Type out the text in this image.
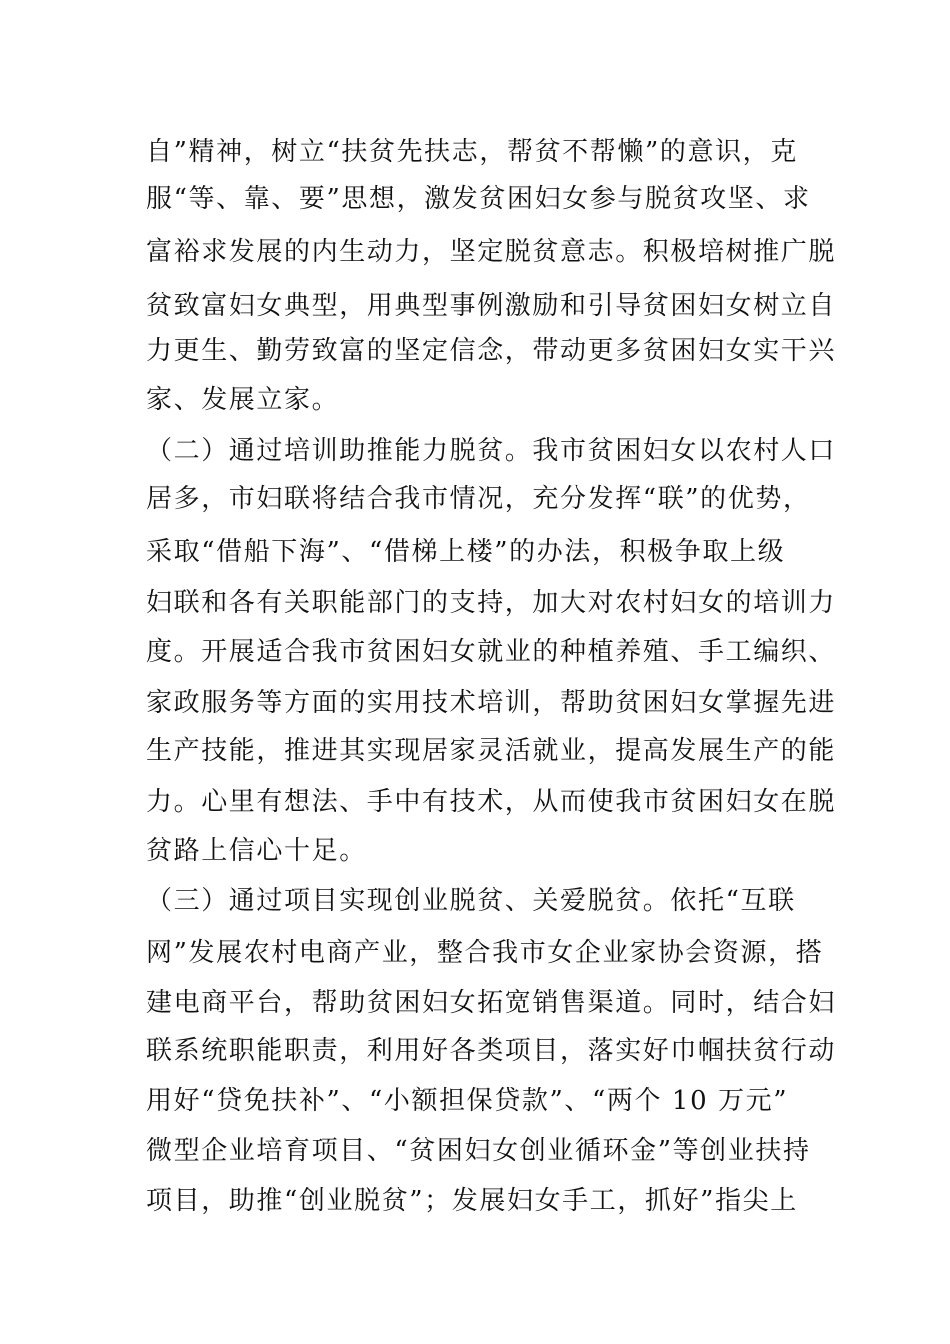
自”精神，树立“扶贫先扶志，帮贫不帮懒”的意识，克
服“等、靠、要”思想，激发贫困妇女参与脱贫攻坚、求
富裕求发展的内生动力，坚定脱贫意志。积极培树推广脱
贫致富妇女典型，用典型事例激励和引导贫困妇女树立自
力更生、勤劳致富的坚定信念，带动更多贫困妇女实干兴
家、发展立家。
（二）通过培训助推能力脱贫。我市贫困妇女以农村人口
居多，市妇联将结合我市情况，充分发挥“联”的优势，
采取“借船下海”、“借梯上楼”的办法，积极争取上级
妇联和各有关职能部门的支持，加大对农村妇女的培训力
度。开展适合我市贫困妇女就业的种植养殖、手工编织、
家政服务等方面的实用技术培训，帮助贫困妇女掌握先进
生产技能，推进其实现居家灵活就业，提高发展生产的能
力。心里有想法、手中有技术，从而使我市贫困妇女在脱
贫路上信心十足。
（三）通过项目实现创业脱贫、关爱脱贫。依托“互联
网”发展农村电商产业，整合我市女企业家协会资源，搭
建电商平台，帮助贫困妇女拓宽销售渠道。同时，结合妇
联系统职能职责，利用好各类项目，落实好巾帼扶贫行动
用好“贷免扶补”、“小额担保贷款”、“两个 10 万元”
微型企业培育项目、“贫困妇女创业循环金”等创业扶持
项目，助推“创业脱贫”；发展妇女手工，抓好”指尖上
